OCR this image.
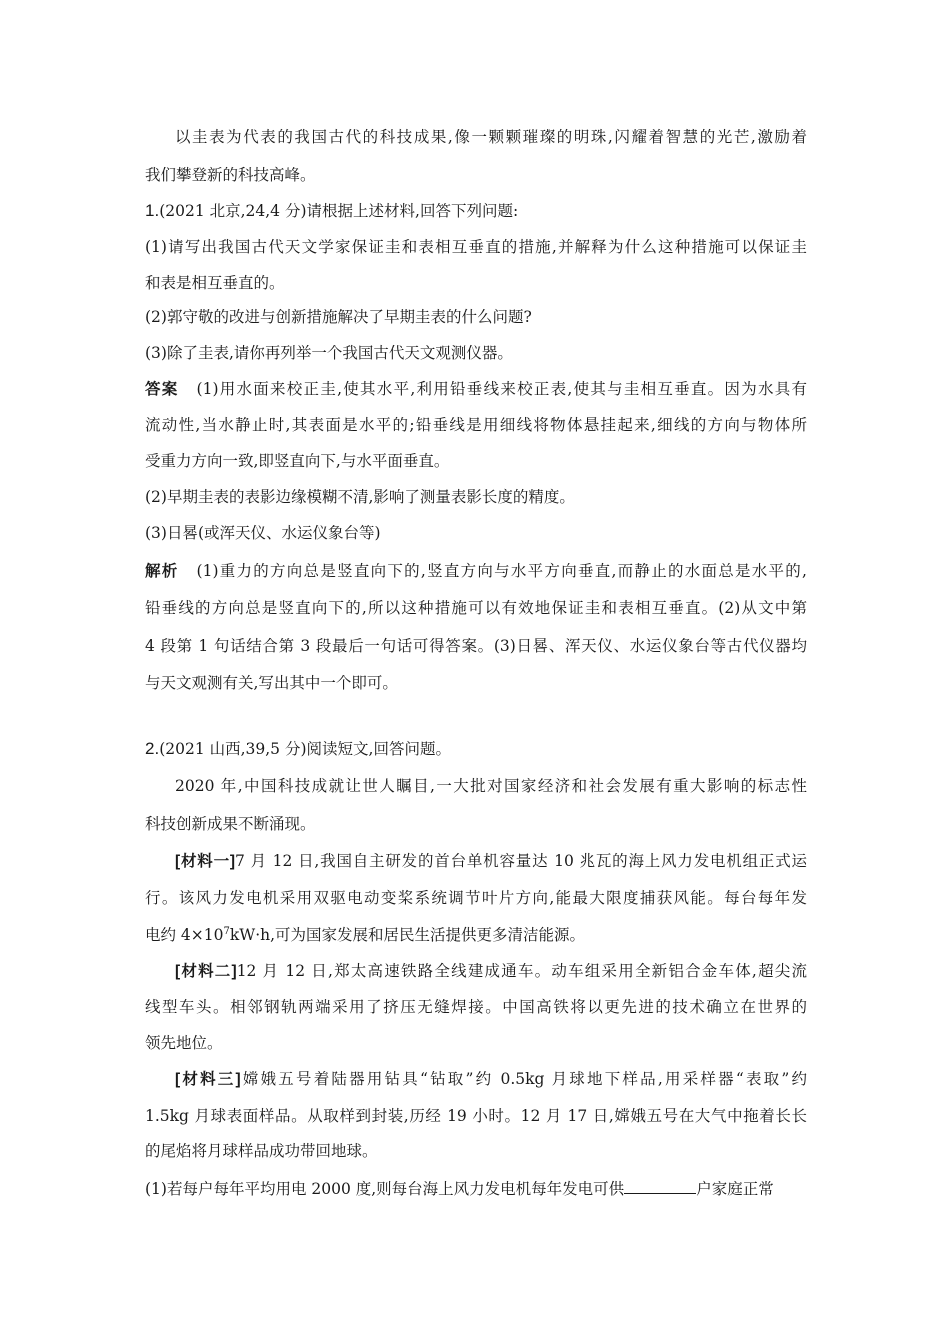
以圭表为代表的我国古代的科技成果,像一颗颗璀璨的明珠,闪耀着智慧的光芒,激励着
我们攀登新的科技高峰。
1.(2021 北京,24,4 分)请根据上述材料,回答下列问题:
(1)请写出我国古代天文学家保证圭和表相互垂直的措施,并解释为什么这种措施可以保证圭
和表是相互垂直的。
(2)郭守敬的改进与创新措施解决了早期圭表的什么问题?
(3)除了圭表,请你再列举一个我国古代天文观测仪器。
答案 (1)用水面来校正圭,使其水平,利用铅垂线来校正表,使其与圭相互垂直。因为水具有
流动性,当水静止时,其表面是水平的;铅垂线是用细线将物体悬挂起来,细线的方向与物体所
受重力方向一致,即竖直向下,与水平面垂直。
(2)早期圭表的表影边缘模糊不清,影响了测量表影长度的精度。
(3)日晷(或浑天仪、水运仪象台等)
解析 (1)重力的方向总是竖直向下的,竖直方向与水平方向垂直,而静止的水面总是水平的,
铅垂线的方向总是竖直向下的,所以这种措施可以有效地保证圭和表相互垂直。(2)从文中第
4 段第 1 句话结合第 3 段最后一句话可得答案。(3)日晷、浑天仪、水运仪象台等古代仪器均
与天文观测有关,写出其中一个即可。
2.(2021 山西,39,5 分)阅读短文,回答问题。
2020 年,中国科技成就让世人瞩目,一大批对国家经济和社会发展有重大影响的标志性
科技创新成果不断涌现。
[材料一]7 月 12 日,我国自主研发的首台单机容量达 10 兆瓦的海上风力发电机组正式运
行。该风力发电机采用双驱电动变桨系统调节叶片方向,能最大限度捕获风能。每台每年发
电约 $4\times 10^7kW\cdot h$,可为国家发展和居民生活提供更多清洁能源。
[材料二]12 月 12 日,郑太高速铁路全线建成通车。动车组采用全新铝合金车体,超尖流
线型车头。相邻钢轨两端采用了挤压无缝焊接。中国高铁将以更先进的技术确立在世界的
领先地位。
[材料三]嫦娥五号着陆器用钻具“钻取”约 0.5kg 月球地下样品,用采样器“表取”约
1.5kg 月球表面样品。从取样到封装,历经 19 小时。12 月 17 日,嫦娥五号在大气中拖着长长
的尾焰将月球样品成功带回地球。
(1)若每户每年平均用电 2000 度,则每台海上风力发电机每年发电可供	户家庭正常
